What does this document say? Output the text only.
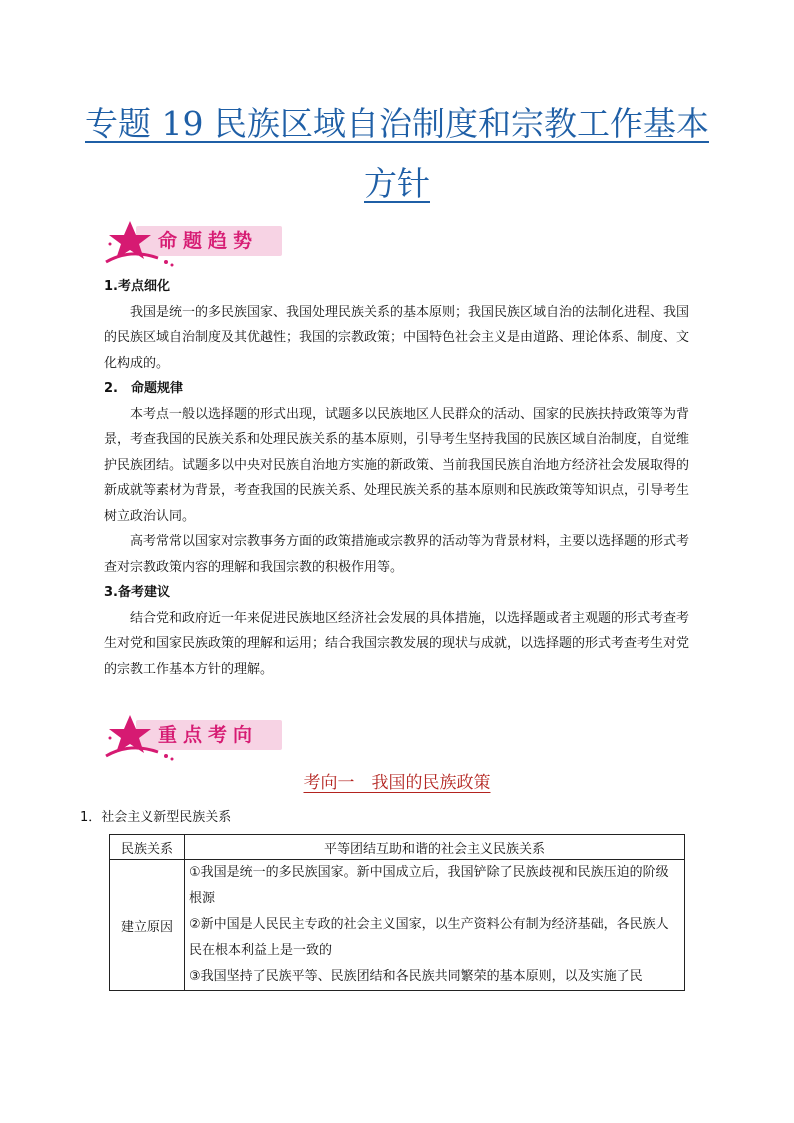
专题 19 民族区域自治制度和宗教工作基本方针
命题趋势

1.考点细化

我国是统一的多民族国家、我国处理民族关系的基本原则；我国民族区域自治的法制化进程、我国的民族区域自治制度及其优越性；我国的宗教政策；中国特色社会主义是由道路、理论体系、制度、文化构成的。

2.　命题规律

本考点一般以选择题的形式出现，试题多以民族地区人民群众的活动、国家的民族扶持政策等为背景，考查我国的民族关系和处理民族关系的基本原则，引导考生坚持我国的民族区域自治制度，自觉维护民族团结。试题多以中央对民族自治地方实施的新政策、当前我国民族自治地方经济社会发展取得的新成就等素材为背景，考查我国的民族关系、处理民族关系的基本原则和民族政策等知识点，引导考生树立政治认同。

高考常常以国家对宗教事务方面的政策措施或宗教界的活动等为背景材料，主要以选择题的形式考查对宗教政策内容的理解和我国宗教的积极作用等。

3.备考建议

结合党和政府近一年来促进民族地区经济社会发展的具体措施，以选择题或者主观题的形式考查考生对党和国家民族政策的理解和运用；结合我国宗教发展的现状与成就，以选择题的形式考查考生对党的宗教工作基本方针的理解。

重点考向
考向一　我国的民族政策
1．社会主义新型民族关系
民族关系	平等团结互助和谐的社会主义民族关系
建立原因	①我国是统一的多民族国家。新中国成立后，我国铲除了民族歧视和民族压迫的阶级根源

②新中国是人民民主专政的社会主义国家，以生产资料公有制为经济基础，各民族人民在根本利益上是一致的

③我国坚持了民族平等、民族团结和各民族共同繁荣的基本原则，以及实施了民
